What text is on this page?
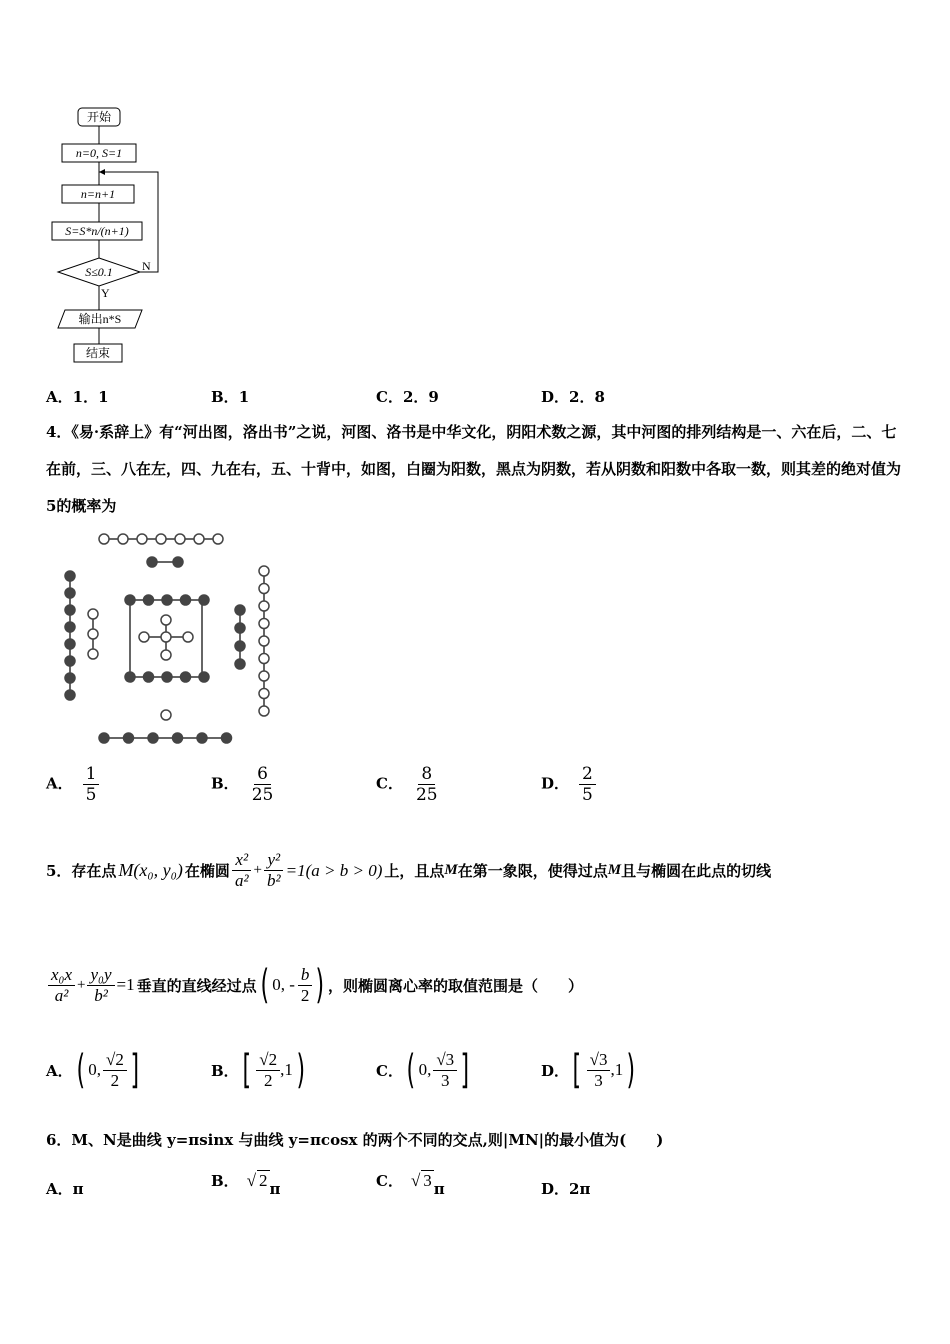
开始
n=0, S=1
n=n+1
S=S*n/(n+1)
S≤0.1 N
Y
输出n*S
结束
A．1．1	B．1	C．2．9	D．2．8
4．《易·系辞上》有“河出图，洛出书”之说，河图、洛书是中华文化，阴阳术数之源，其中河图的排列结构是一、六在后，二、七在前，三、八在左，四、九在右，五、十背中，如图，白圈为阳数，黑点为阴数，若从阴数和阳数中各取一数，则其差的绝对值为5的概率为
A． $\frac{1}{5}$	B． $\frac{6}{25}$	C． $\frac{8}{25}$	D． $\frac{2}{5}$
5．存在点 M(x₀, y₀) 在椭圆 $\frac{\text{x²}}{\text{a²}} + \frac{\text{y²}}{\text{b²}} =1(a > b > 0)$ 上，且点 M 在第一象限，使得过点 M 且与椭圆在此点的切线
$\frac{\text{x₀x}}{\text{a²}} + \frac{\text{y₀y}}{\text{b²}} =1$ 垂直的直线经过点 ( 0, - $\frac{b}{2}$ ) ，则椭圆离心率的取值范围是（　　）
A． ( 0, $\frac{√2}{2}$ ]	B． [ $\frac{√2}{2} ,1$ )	C． ( 0, $\frac{√3}{3}$ ]	D． [ $\frac{√3}{3} ,1$ )
6．M、N是曲线 y=πsinx 与曲线 y=πcosx 的两个不同的交点,则|MN|的最小值为(　　)
A．π	B． √ 2 π	C． √ 3 π	D．2π
